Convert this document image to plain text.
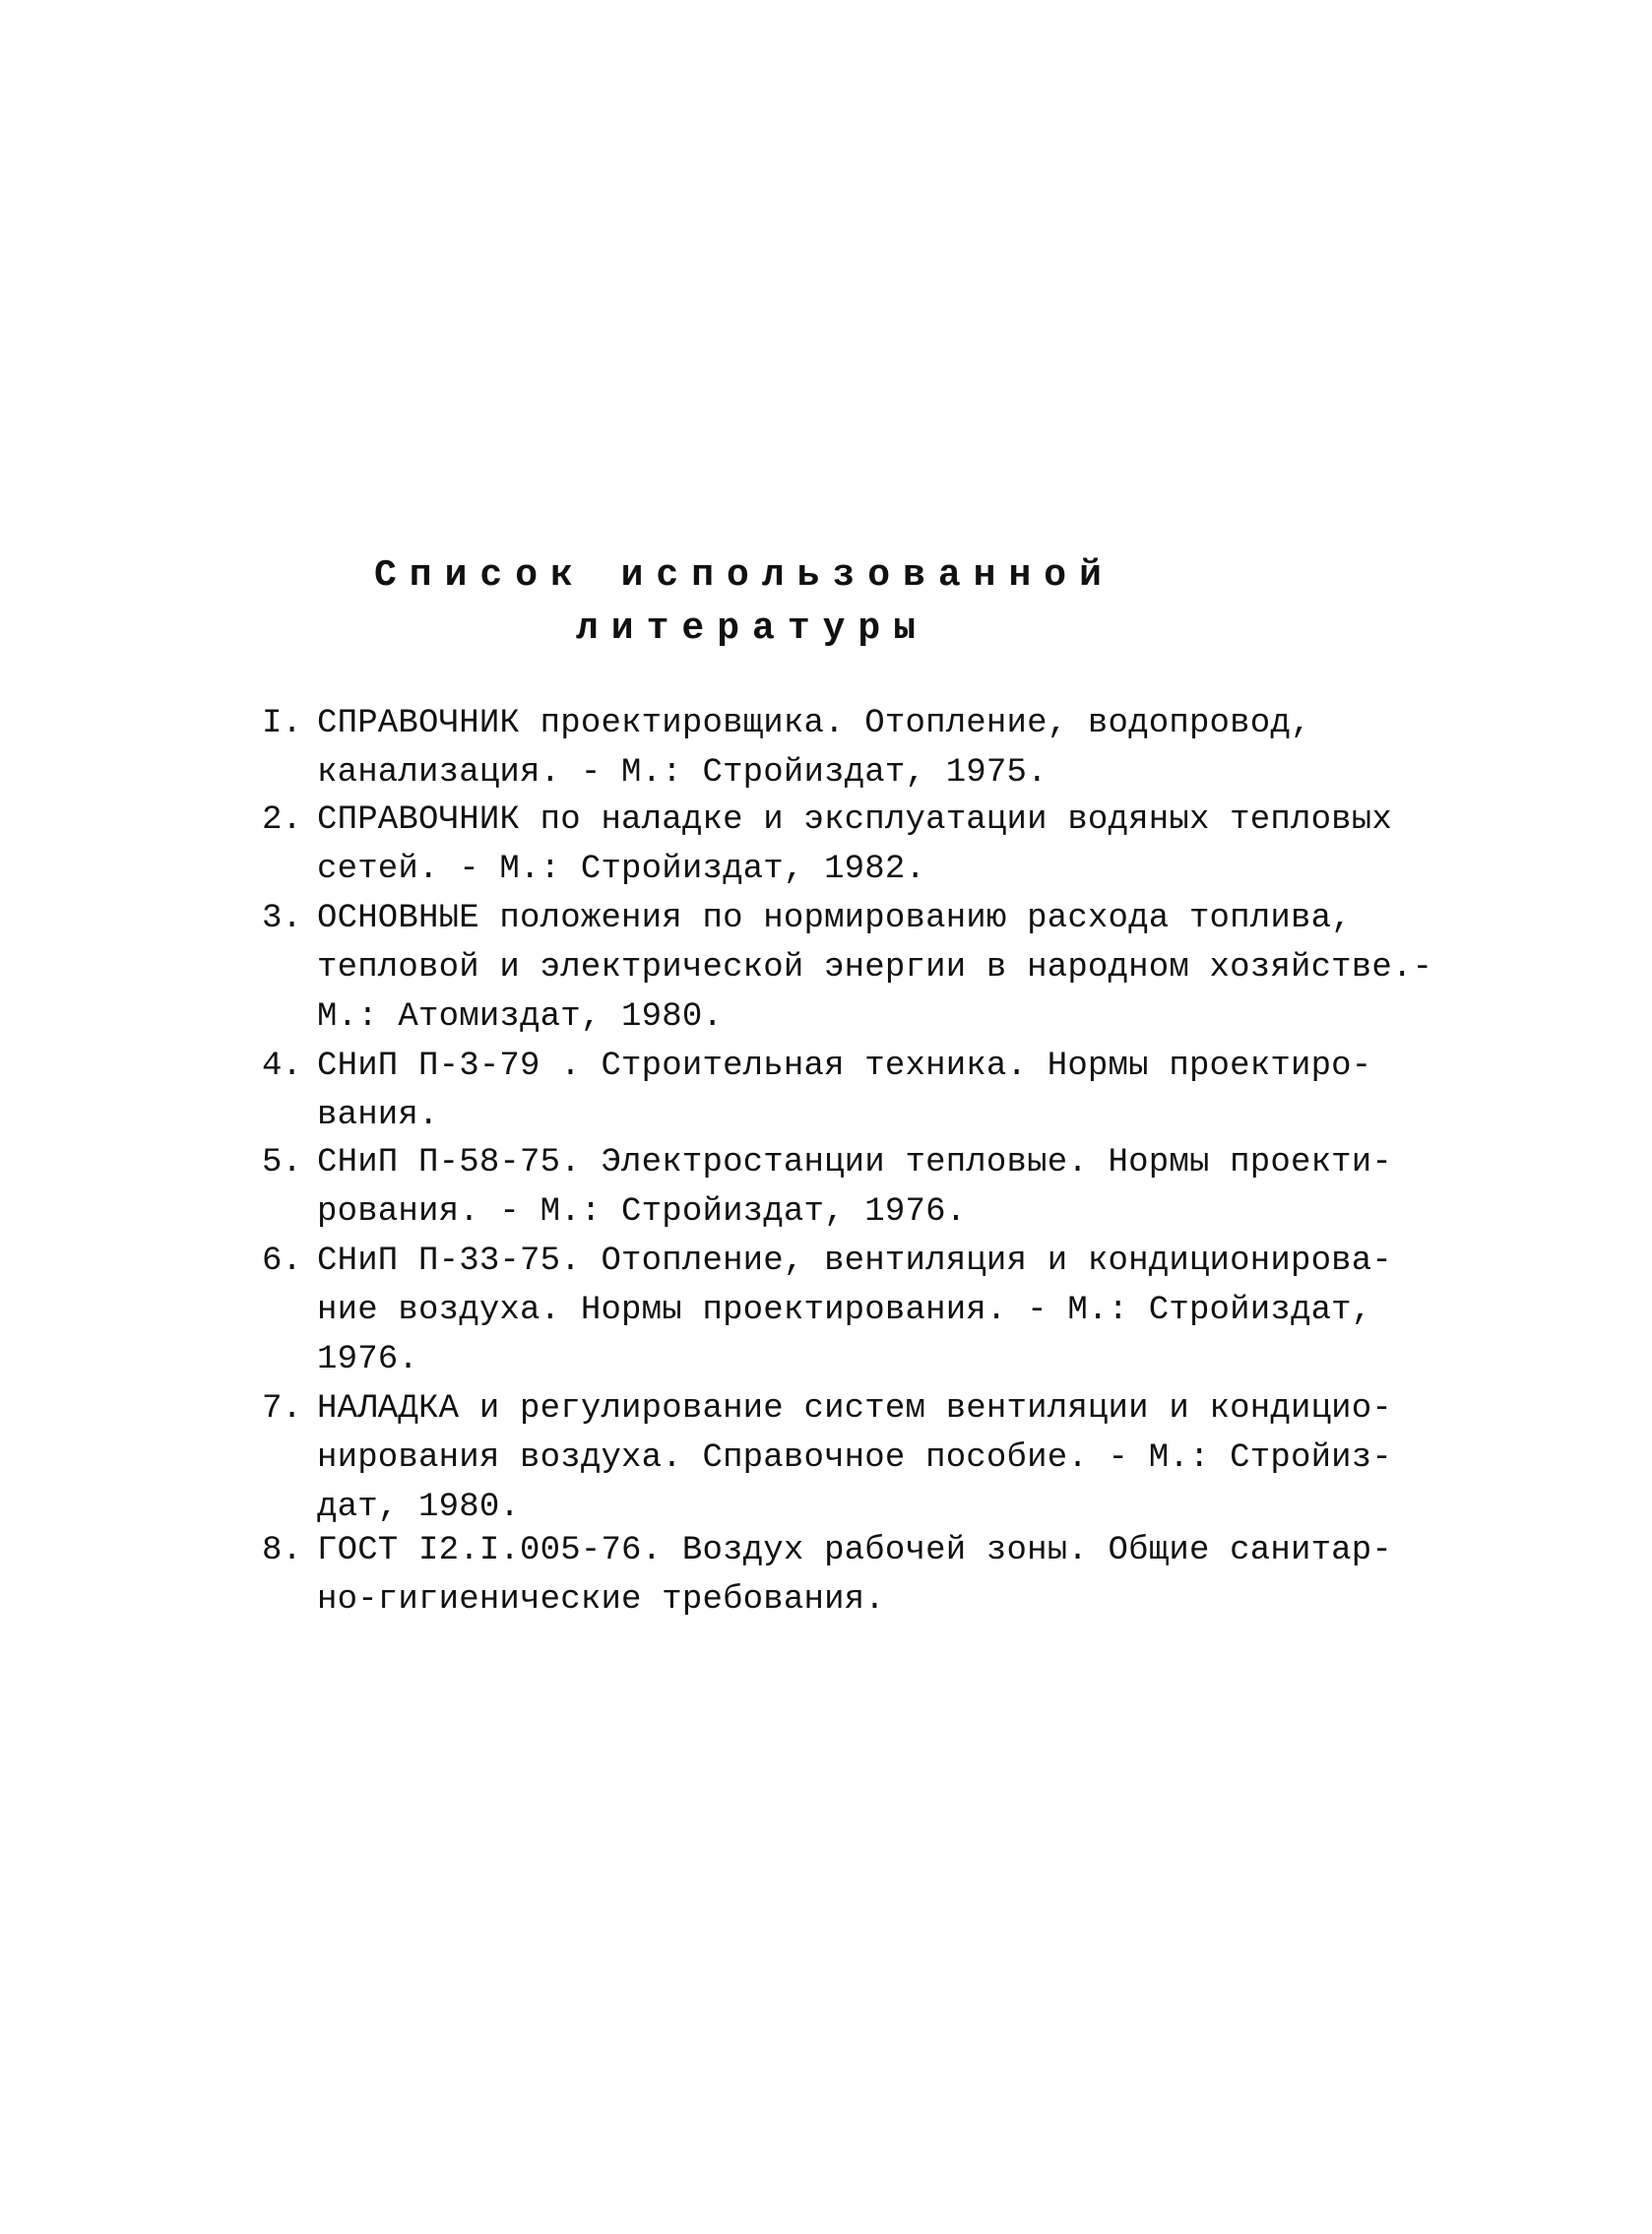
Список использованной
литературы
I. СПРАВОЧНИК проектировщика. Отопление, водопровод,
канализация. - М.: Стройиздат, 1975.
2. СПРАВОЧНИК по наладке и эксплуатации водяных тепловых
сетей. - М.: Стройиздат, 1982.
3. ОСНОВНЫЕ положения по нормированию расхода топлива,
тепловой и электрической энергии в народном хозяйстве.-
М.: Атомиздат, 1980.
4. СНиП П-3-79 . Строительная техника. Нормы проектиро-
вания.
5. СНиП П-58-75. Электростанции тепловые. Нормы проекти-
рования. - М.: Стройиздат, 1976.
6. СНиП П-33-75. Отопление, вентиляция и кондиционирова-
ние воздуха. Нормы проектирования. - М.: Стройиздат,
1976.
7. НАЛАДКА и регулирование систем вентиляции и кондицио-
нирования воздуха. Справочное пособие. - М.: Стройиз-
дат, 1980.
8. ГОСТ I2.I.005-76. Воздух рабочей зоны. Общие санитар-
но-гигиенические требования.
